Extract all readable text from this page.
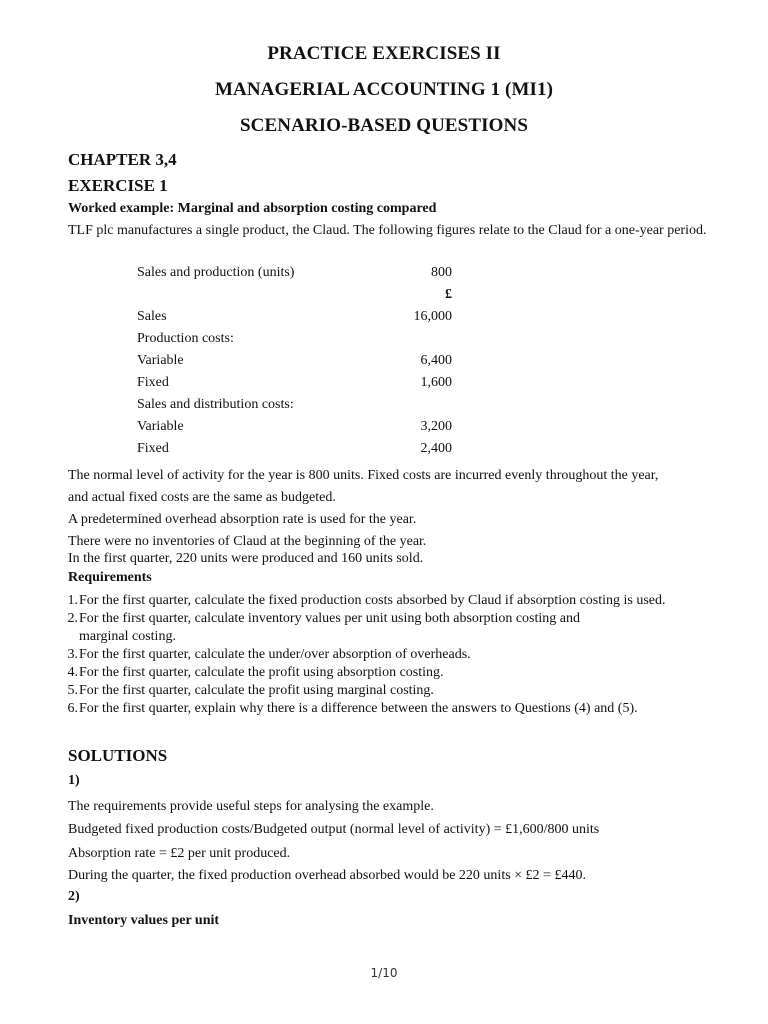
PRACTICE EXERCISES II
MANAGERIAL ACCOUNTING 1 (MI1)
SCENARIO-BASED QUESTIONS
CHAPTER 3,4
EXERCISE 1
Worked example: Marginal and absorption costing compared
TLF plc manufactures a single product, the Claud. The following figures relate to the Claud for a one-year period.
Sales and production (units)	800
£
Sales	16,000
Production costs:
Variable	6,400
Fixed	1,600
Sales and distribution costs:
Variable	3,200
Fixed	2,400
The normal level of activity for the year is 800 units. Fixed costs are incurred evenly throughout the year,
and actual fixed costs are the same as budgeted.
A predetermined overhead absorption rate is used for the year.
There were no inventories of Claud at the beginning of the year.
In the first quarter, 220 units were produced and 160 units sold.
Requirements
1. For the first quarter, calculate the fixed production costs absorbed by Claud if absorption costing is used.
2. For the first quarter, calculate inventory values per unit using both absorption costing and
marginal costing.
3. For the first quarter, calculate the under/over absorption of overheads.
4. For the first quarter, calculate the profit using absorption costing.
5. For the first quarter, calculate the profit using marginal costing.
6. For the first quarter, explain why there is a difference between the answers to Questions (4) and (5).
SOLUTIONS
1)
The requirements provide useful steps for analysing the example.
Budgeted fixed production costs/Budgeted output (normal level of activity) = £1,600/800 units
Absorption rate = £2 per unit produced.
During the quarter, the fixed production overhead absorbed would be 220 units × £2 = £440.
2)
Inventory values per unit
1/10
